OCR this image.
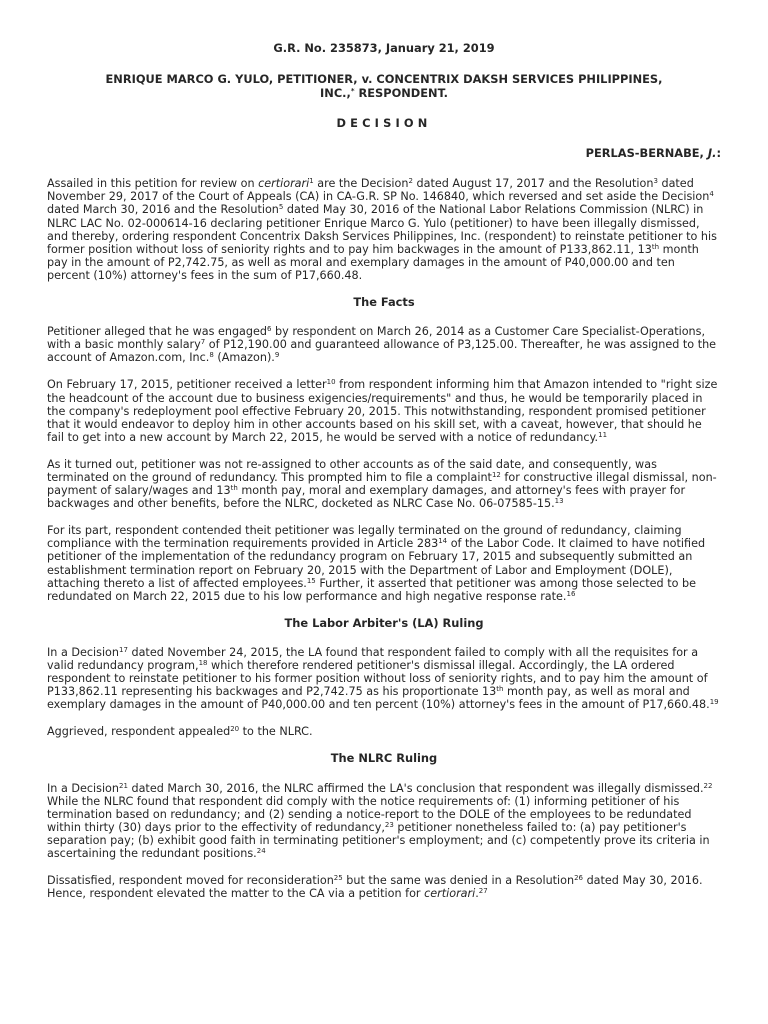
G.R. No. 235873, January 21, 2019
ENRIQUE MARCO G. YULO, PETITIONER, v. CONCENTRIX DAKSH SERVICES PHILIPPINES,
INC.,* RESPONDENT.
DECISION
PERLAS-BERNABE, J.:

Assailed in this petition for review on certiorari$^1$ are the Decision$^2$ dated August 17, 2017 and the Resolution$^3$ dated November 29, 2017 of the Court of Appeals (CA) in CA-G.R. SP No. 146840, which reversed and set aside the Decision$^4$ dated March 30, 2016 and the Resolution$^5$ dated May 30, 2016 of the National Labor Relations Commission (NLRC) in NLRC LAC No. 02-000614-16 declaring petitioner Enrique Marco G. Yulo (petitioner) to have been illegally dismissed, and thereby, ordering respondent Concentrix Daksh Services Philippines, Inc. (respondent) to reinstate petitioner to his former position without loss of seniority rights and to pay him backwages in the amount of P133,862.11, 13th month pay in the amount of P2,742.75, as well as moral and exemplary damages in the amount of P40,000.00 and ten percent (10%) attorney's fees in the sum of P17,660.48.

The Facts

Petitioner alleged that he was engaged$^6$ by respondent on March 26, 2014 as a Customer Care Specialist-Operations, with a basic monthly salary$^7$ of P12,190.00 and guaranteed allowance of P3,125.00. Thereafter, he was assigned to the account of Amazon.com, Inc.$^8$ (Amazon).$^9$

On February 17, 2015, petitioner received a letter$^{10}$ from respondent informing him that Amazon intended to "right size the headcount of the account due to business exigencies/requirements" and thus, he would be temporarily placed in the company's redeployment pool effective February 20, 2015. This notwithstanding, respondent promised petitioner that it would endeavor to deploy him in other accounts based on his skill set, with a caveat, however, that should he fail to get into a new account by March 22, 2015, he would be served with a notice of redundancy.$^{11}$

As it turned out, petitioner was not re-assigned to other accounts as of the said date, and consequently, was terminated on the ground of redundancy. This prompted him to file a complaint$^{12}$ for constructive illegal dismissal, non-payment of salary/wages and 13th month pay, moral and exemplary damages, and attorney's fees with prayer for backwages and other benefits, before the NLRC, docketed as NLRC Case No. 06-07585-15.13

For its part, respondent contended theit petitioner was legally terminated on the ground of redundancy, claiming compliance with the termination requirements provided in Article $283^{14}$ of the Labor Code. It claimed to have notified petitioner of the implementation of the redundancy program on February 17, 2015 and subsequently submitted an establishment termination report on February 20, 2015 with the Department of Labor and Employment (DOLE), attaching thereto a list of affected employees.$^{15}$ Further, it asserted that petitioner was among those selected to be redundated on March 22, 2015 due to his low performance and high negative response rate.$^{16}$

The Labor Arbiter's (LA) Ruling

In a Decision$^{17}$ dated November 24, 2015, the LA found that respondent failed to comply with all the requisites for a valid redundancy program,$^{18}$ which therefore rendered petitioner's dismissal illegal. Accordingly, the LA ordered respondent to reinstate petitioner to his former position without loss of seniority rights, and to pay him the amount of P133,862.11 representing his backwages and P2,742.75 as his proportionate 13th month pay, as well as moral and exemplary damages in the amount of P40,000.00 and ten percent (10%) attorney's fees in the amount of P17,660.48.19

Aggrieved, respondent appealed$^{20}$ to the NLRC.

The NLRC Ruling

In a Decision$^{21}$ dated March 30, 2016, the NLRC affirmed the LA's conclusion that respondent was illegally dismissed.$^{22}$ While the NLRC found that respondent did comply with the notice requirements of: (1) informing petitioner of his termination based on redundancy; and (2) sending a notice-report to the DOLE of the employees to be redundated within thirty (30) days prior to the effectivity of redundancy,$^{23}$ petitioner nonetheless failed to: (a) pay petitioner's separation pay; (b) exhibit good faith in terminating petitioner's employment; and (c) competently prove its criteria in ascertaining the redundant positions.$^{24}$

Dissatisfied, respondent moved for reconsideration$^{25}$ but the same was denied in a Resolution$^{26}$ dated May 30, 2016. Hence, respondent elevated the matter to the CA via a petition for certiorari.$^{27}$
